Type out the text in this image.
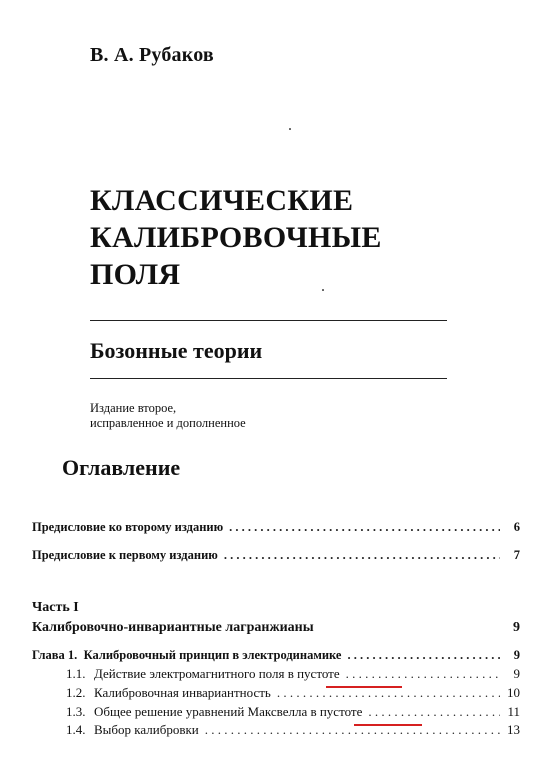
В. А. Рубаков
КЛАССИЧЕСКИЕ
КАЛИБРОВОЧНЫЕ
ПОЛЯ
Бозонные теории
Издание второе,
исправленное и дополненное
Оглавление
Предисловие ко второму изданию . . .	6
Предисловие к первому изданию . . .	7
Часть I
Калибровочно-инвариантные лагранжианы	9
Глава 1. Калибровочный принцип в электродинамике . . .	9
1.1. Действие электромагнитного поля в пустоте . . .	9
1.2. Калибровочная инвариантность . . .	10
1.3. Общее решение уравнений Максвелла в пустоте . . .	11
1.4. Выбор калибровки . . .	13
